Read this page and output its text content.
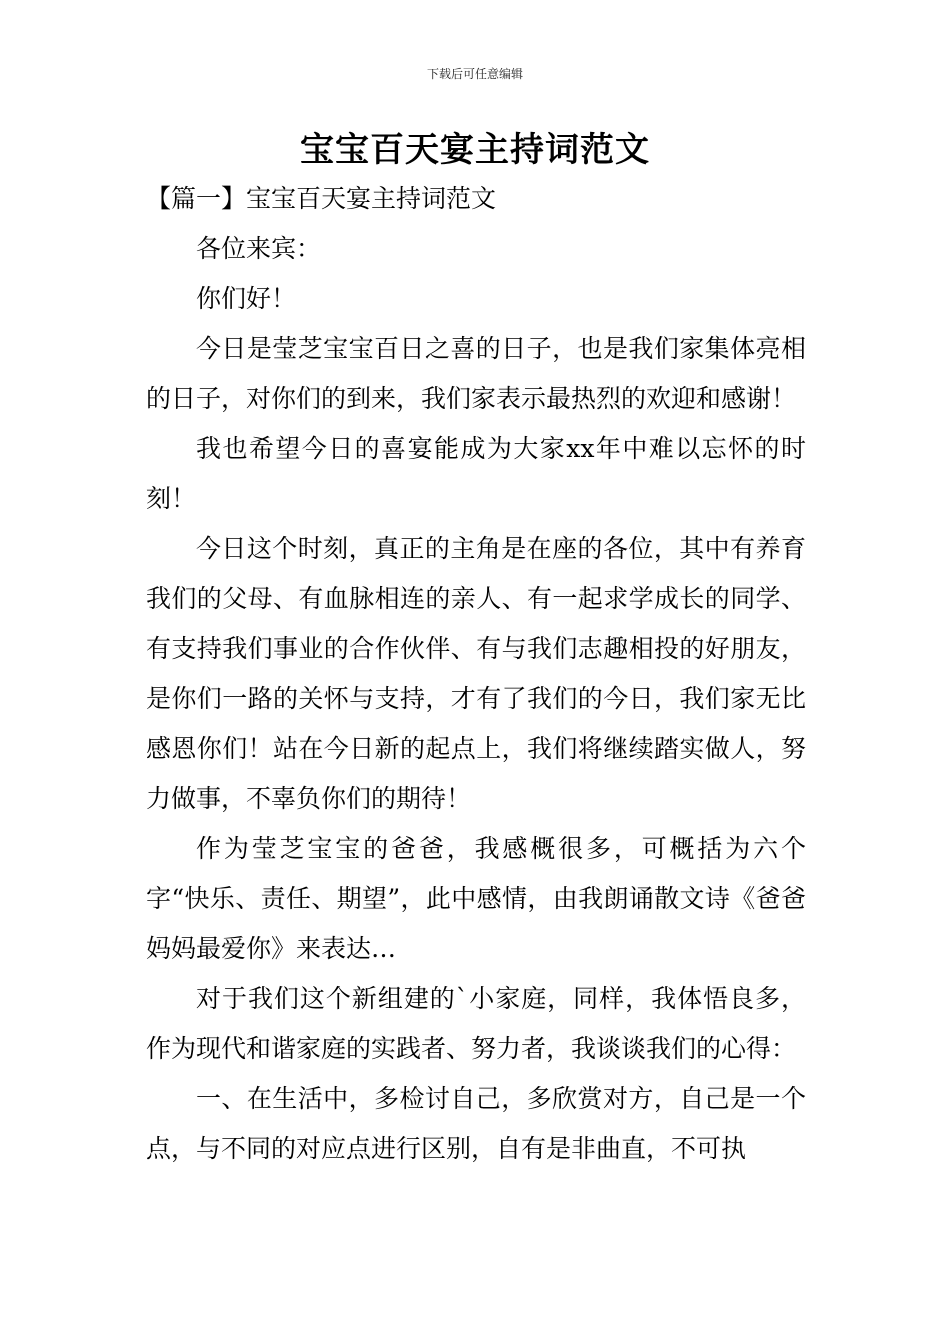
下载后可任意编辑
宝宝百天宴主持词范文
【篇一】宝宝百天宴主持词范文

各位来宾：

你们好！

今日是莹芝宝宝百日之喜的日子，也是我们家集体亮相的日子，对你们的到来，我们家表示最热烈的欢迎和感谢！

我也希望今日的喜宴能成为大家xx年中难以忘怀的时刻！

今日这个时刻，真正的主角是在座的各位，其中有养育我们的父母、有血脉相连的亲人、有一起求学成长的同学、有支持我们事业的合作伙伴、有与我们志趣相投的好朋友，是你们一路的关怀与支持，才有了我们的今日，我们家无比感恩你们！站在今日新的起点上，我们将继续踏实做人，努力做事，不辜负你们的期待！

作为莹芝宝宝的爸爸，我感概很多，可概括为六个字“快乐、责任、期望”，此中感情，由我朗诵散文诗《爸爸妈妈最爱你》来表达…

对于我们这个新组建的`小家庭，同样，我体悟良多，作为现代和谐家庭的实践者、努力者，我谈谈我们的心得：

一、在生活中，多检讨自己，多欣赏对方，自己是一个点，与不同的对应点进行区别，自有是非曲直，不可执
